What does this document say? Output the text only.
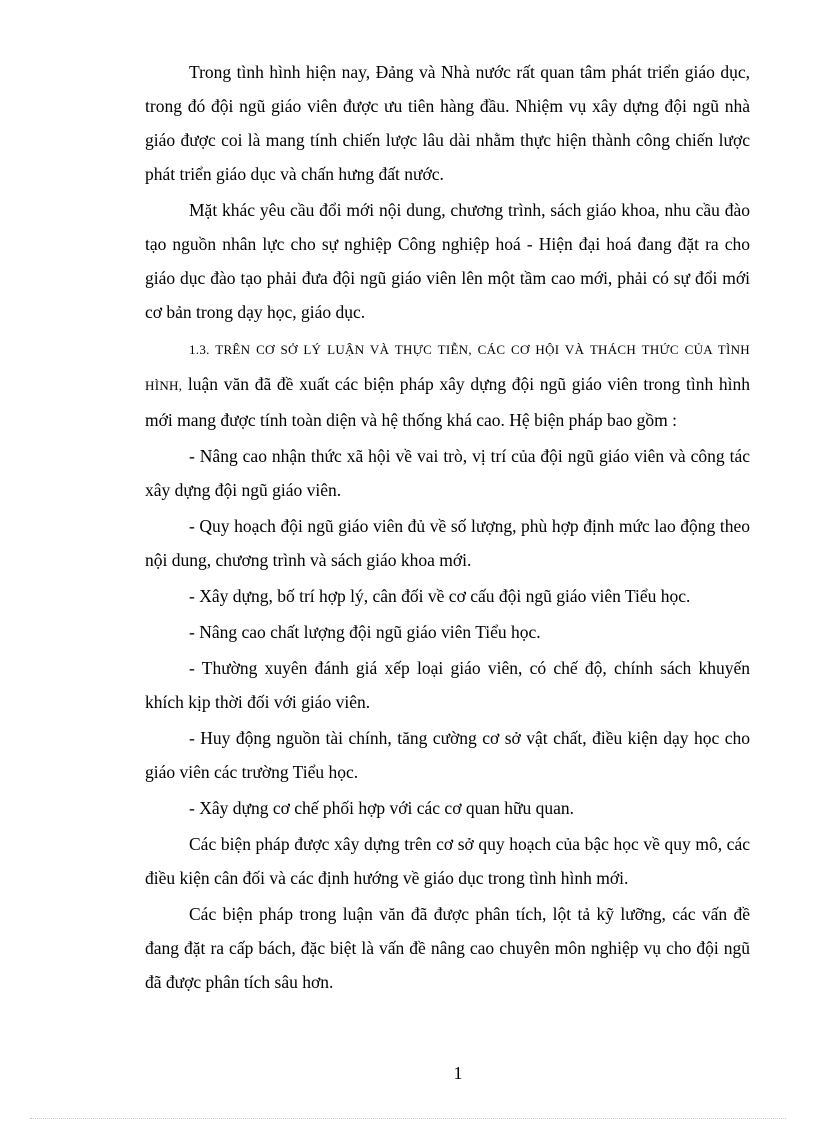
Trong tình hình hiện nay, Đảng và Nhà nước rất quan tâm phát triển giáo dục, trong đó đội ngũ giáo viên được ưu tiên hàng đầu. Nhiệm vụ xây dựng đội ngũ nhà giáo được coi là mang tính chiến lược lâu dài nhằm thực hiện thành công chiến lược phát triển giáo dục và chấn hưng đất nước.

Mặt khác yêu cầu đổi mới nội dung, chương trình, sách giáo khoa, nhu cầu đào tạo nguồn nhân lực cho sự nghiệp Công nghiệp hoá - Hiện đại hoá đang đặt ra cho giáo dục đào tạo phải đưa đội ngũ giáo viên lên một tầm cao mới, phải có sự đổi mới cơ bản trong dạy học, giáo dục.

1.3. TRÊN CƠ SỞ LÝ LUẬN VÀ THỰC TIỄN, CÁC CƠ HỘI VÀ THÁCH THỨC CỦA TÌNH HÌNH, luận văn đã đề xuất các biện pháp xây dựng đội ngũ giáo viên trong tình hình mới mang được tính toàn diện và hệ thống khá cao. Hệ biện pháp bao gồm :

- Nâng cao nhận thức xã hội về vai trò, vị trí của đội ngũ giáo viên và công tác xây dựng đội ngũ giáo viên.

- Quy hoạch đội ngũ giáo viên đủ về số lượng, phù hợp định mức lao động theo nội dung, chương trình và sách giáo khoa mới.

- Xây dựng, bố trí hợp lý, cân đối về cơ cấu đội ngũ giáo viên Tiểu học.

- Nâng cao chất lượng đội ngũ giáo viên Tiểu học.

- Thường xuyên đánh giá xếp loại giáo viên, có chế độ, chính sách khuyến khích kịp thời đối với giáo viên.

- Huy động nguồn tài chính, tăng cường cơ sở vật chất, điều kiện dạy học cho giáo viên các trường Tiểu học.

- Xây dựng cơ chế phối hợp với các cơ quan hữu quan.

Các biện pháp được xây dựng trên cơ sở quy hoạch của bậc học về quy mô, các điều kiện cân đối và các định hướng về giáo dục trong tình hình mới.

Các biện pháp trong luận văn đã được phân tích, lột tả kỹ lưỡng, các vấn đề đang đặt ra cấp bách, đặc biệt là vấn đề nâng cao chuyên môn nghiệp vụ cho đội ngũ đã được phân tích sâu hơn.

1
